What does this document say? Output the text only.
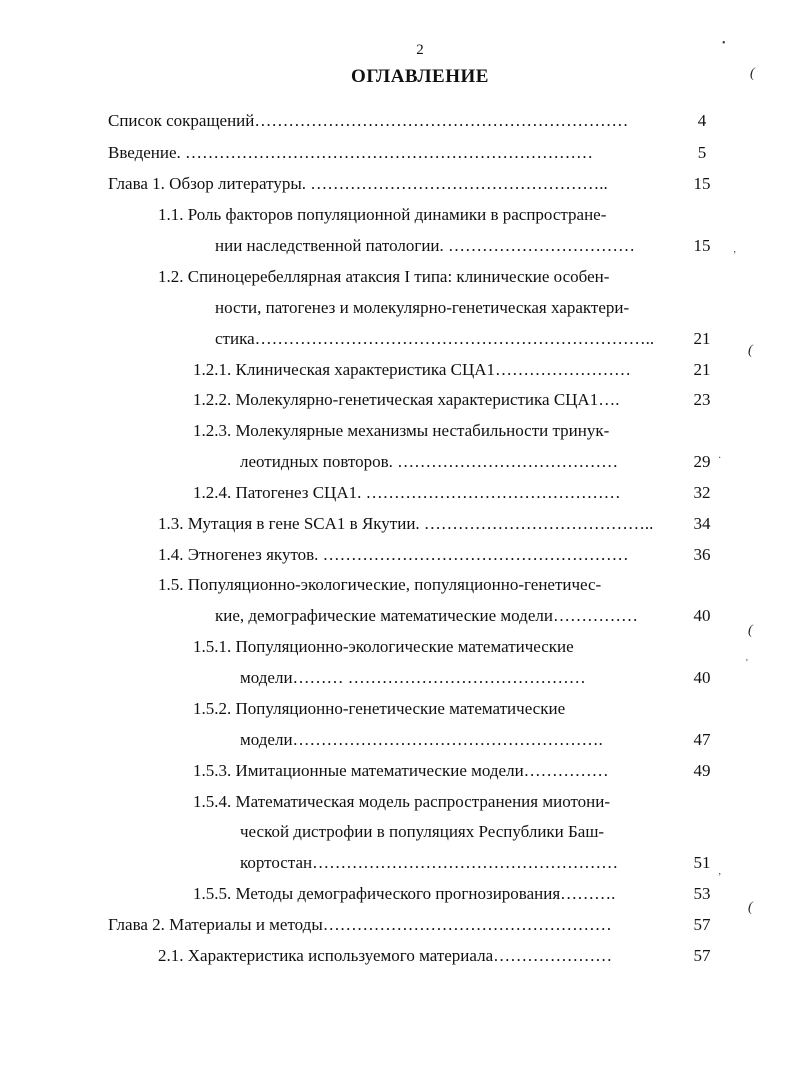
2
ОГЛАВЛЕНИЕ
Список сокращений…………………………………………………………	4
Введение. ………………………………………………………………	5
Глава 1. Обзор литературы. ……………………………………………..	15
1.1. Роль факторов популяционной динамики в распростране-
нии наследственной патологии. ……………………………	15
1.2. Спиноцеребеллярная атаксия I типа: клинические особен-
ности, патогенез и молекулярно-генетическая характери-
стика……………………………………………………………..	21
1.2.1. Клиническая характеристика СЦА1……………………	21
1.2.2. Молекулярно-генетическая характеристика СЦА1….	23
1.2.3. Молекулярные механизмы нестабильности тринук-
леотидных повторов. …………………………………	29
1.2.4. Патогенез СЦА1. ………………………………………	32
1.3. Мутация в гене SCA1 в Якутии. …………………………………..	34
1.4. Этногенез якутов. ………………………………………………	36
1.5. Популяционно-экологические, популяционно-генетичес-
кие, демографические математические модели……………	40
1.5.1. Популяционно-экологические математические
модели……… ……………………………………	40
1.5.2. Популяционно-генетические математические
модели……………………………………………….	47
1.5.3. Имитационные математические модели……………	49
1.5.4. Математическая модель распространения миотони-
ческой дистрофии в популяциях Республики Баш-
кортостан………………………………………………	51
1.5.5. Методы демографического прогнозирования……….	53
Глава 2. Материалы и методы……………………………………………	57
2.1. Характеристика используемого материала…………………	57
•
(
(
(
(
‚
·
'
‚
